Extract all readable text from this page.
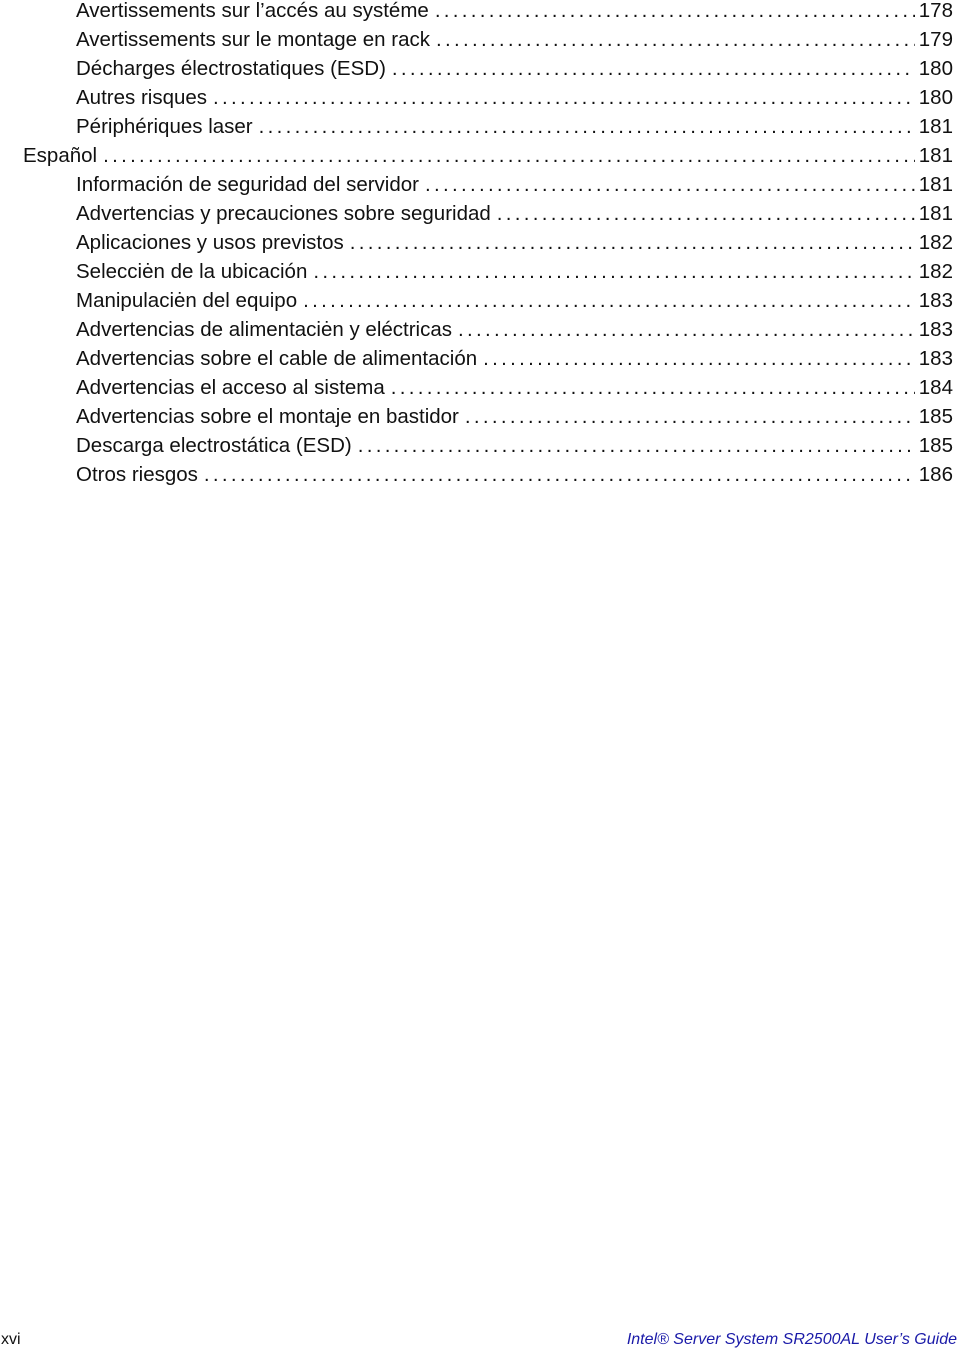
Avertissements sur l’accés au systéme . . .	178
Avertissements sur le montage en rack . . .	179
Décharges électrostatiques (ESD) . . .	180
Autres risques . . .	180
Périphériques laser . . .	181
Español . . .	181
Información de seguridad del servidor . . .	181
Advertencias y precauciones sobre seguridad . . .	181
Aplicaciones y usos previstos . . .	182
Selecciėn de la ubicación . . .	182
Manipulaciėn del equipo . . .	183
Advertencias de alimentaciėn y eléctricas . . .	183
Advertencias sobre el cable de alimentación . . .	183
Advertencias el acceso al sistema . . .	184
Advertencias sobre el montaje en bastidor . . .	185
Descarga electrostática (ESD) . . .	185
Otros riesgos . . .	186
xvi	Intel® Server System SR2500AL User’s Guide
